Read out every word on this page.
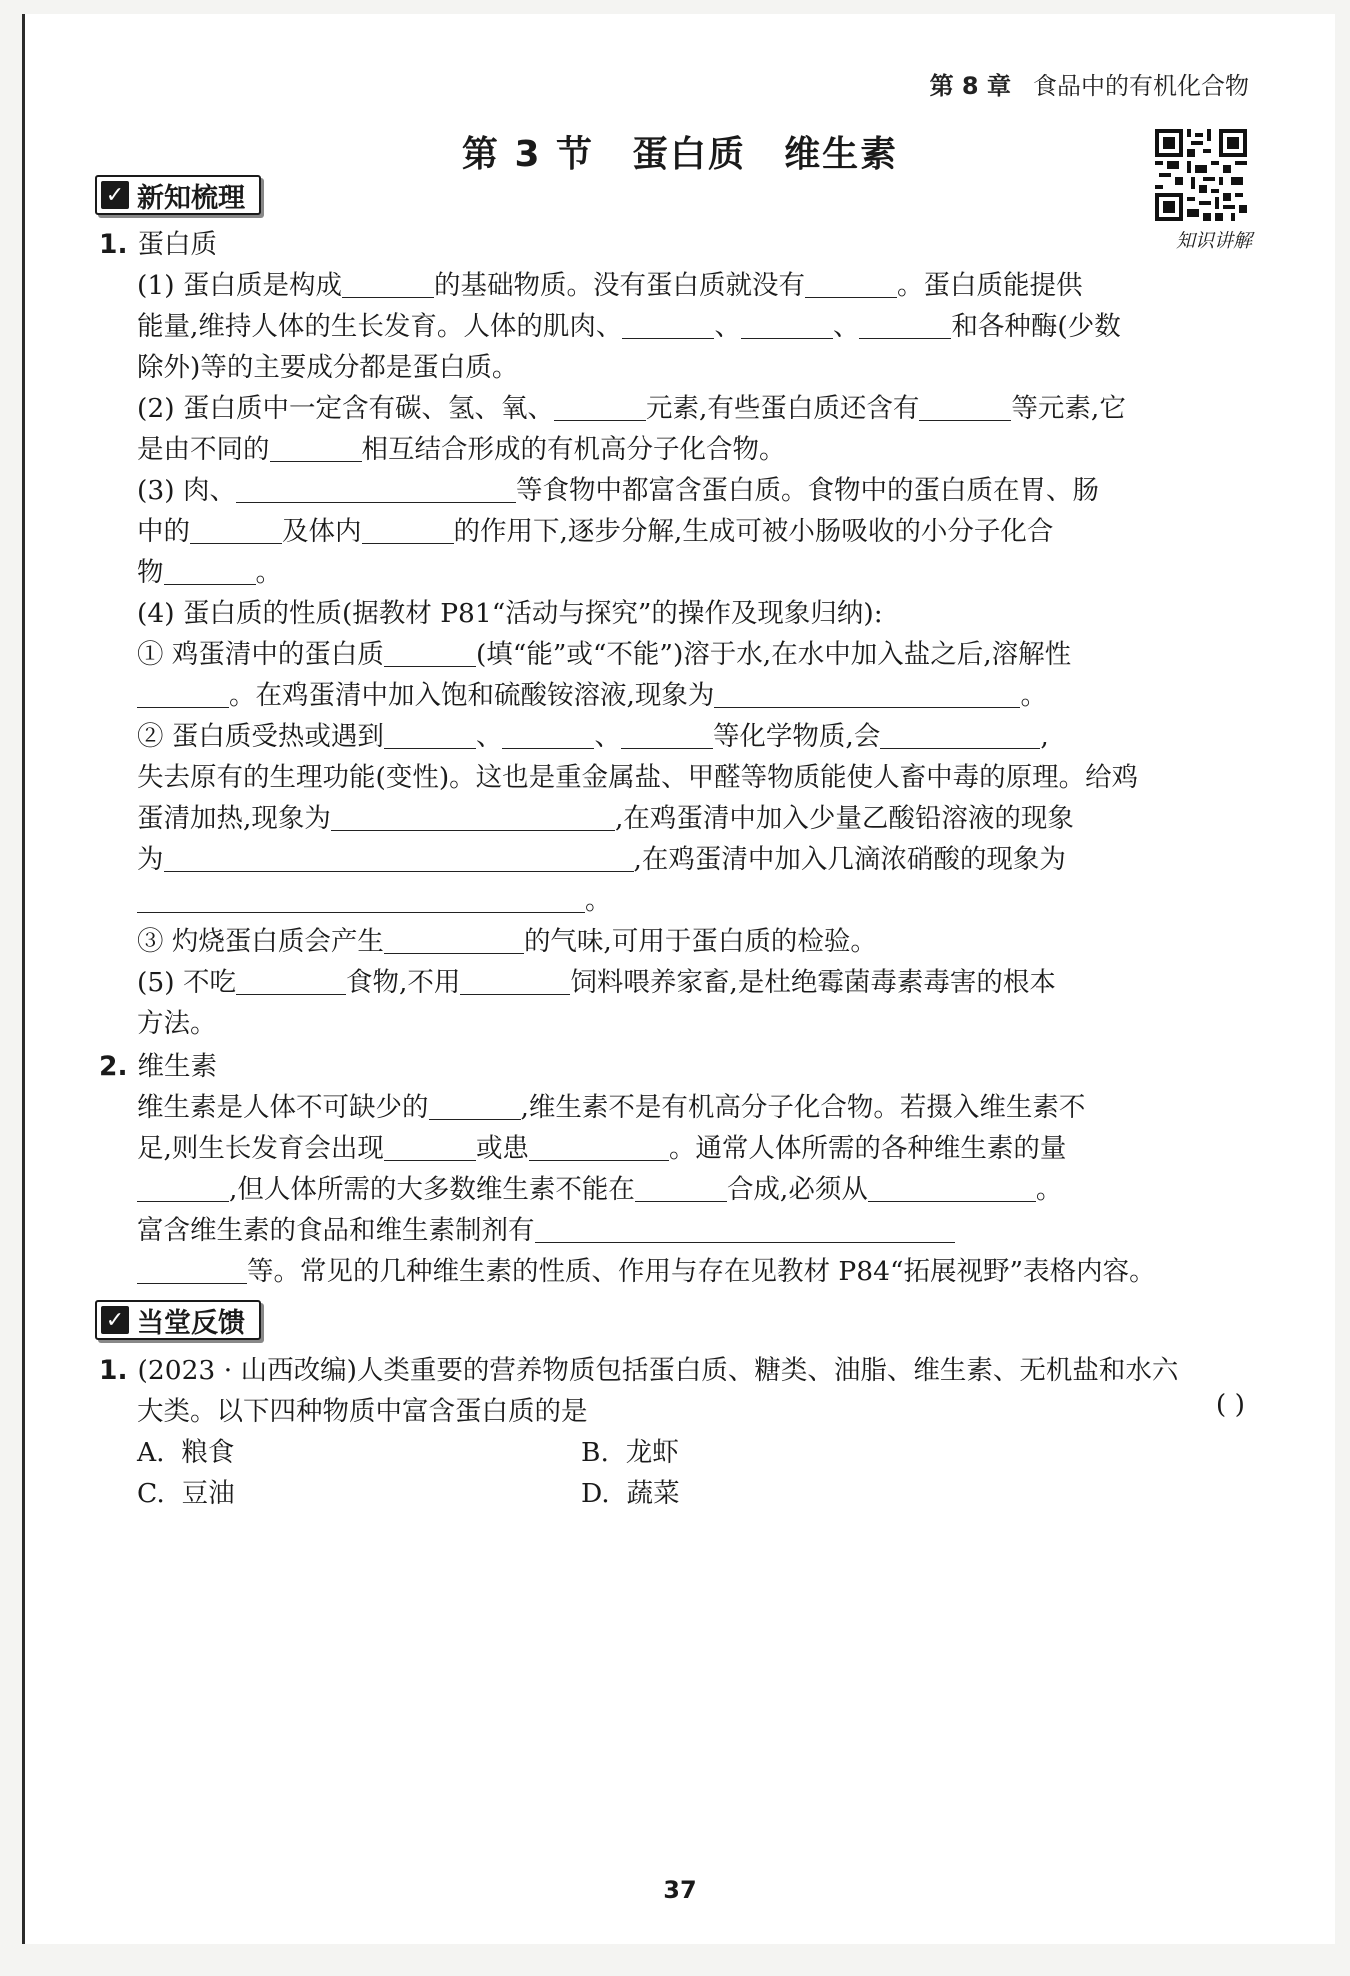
第 8 章 食品中的有机化合物
第 3 节 蛋白质 维生素
知识讲解
✓ 新知梳理
1. 蛋白质
(1) 蛋白质是构成	的基础物质。没有蛋白质就没有	。蛋白质能提供
能量,维持人体的生长发育。人体的肌肉、	、	、	和各种酶(少数
除外)等的主要成分都是蛋白质。
(2) 蛋白质中一定含有碳、氢、氧、	元素,有些蛋白质还含有	等元素,它
是由不同的	相互结合形成的有机高分子化合物。
(3) 肉、	等食物中都富含蛋白质。食物中的蛋白质在胃、肠
中的	及体内	的作用下,逐步分解,生成可被小肠吸收的小分子化合
物	。
(4) 蛋白质的性质(据教材 P81“活动与探究”的操作及现象归纳):
① 鸡蛋清中的蛋白质	(填“能”或“不能”)溶于水,在水中加入盐之后,溶解性
。在鸡蛋清中加入饱和硫酸铵溶液,现象为	。
② 蛋白质受热或遇到	、	、	等化学物质,会	,
失去原有的生理功能(变性)。这也是重金属盐、甲醛等物质能使人畜中毒的原理。给鸡
蛋清加热,现象为	,在鸡蛋清中加入少量乙酸铅溶液的现象
为	,在鸡蛋清中加入几滴浓硝酸的现象为
。
③ 灼烧蛋白质会产生	的气味,可用于蛋白质的检验。
(5) 不吃	食物,不用	饲料喂养家畜,是杜绝霉菌毒素毒害的根本
方法。
2. 维生素
维生素是人体不可缺少的	,维生素不是有机高分子化合物。若摄入维生素不
足,则生长发育会出现	或患	。通常人体所需的各种维生素的量
,但人体所需的大多数维生素不能在	合成,必须从	。
富含维生素的食品和维生素制剂有
等。常见的几种维生素的性质、作用与存在见教材 P84“拓展视野”表格内容。
✓ 当堂反馈
1. (2023 · 山西改编)人类重要的营养物质包括蛋白质、糖类、油脂、维生素、无机盐和水六
大类。以下四种物质中富含蛋白质的是	( )
A. 粮食	B. 龙虾
C. 豆油	D. 蔬菜
37
